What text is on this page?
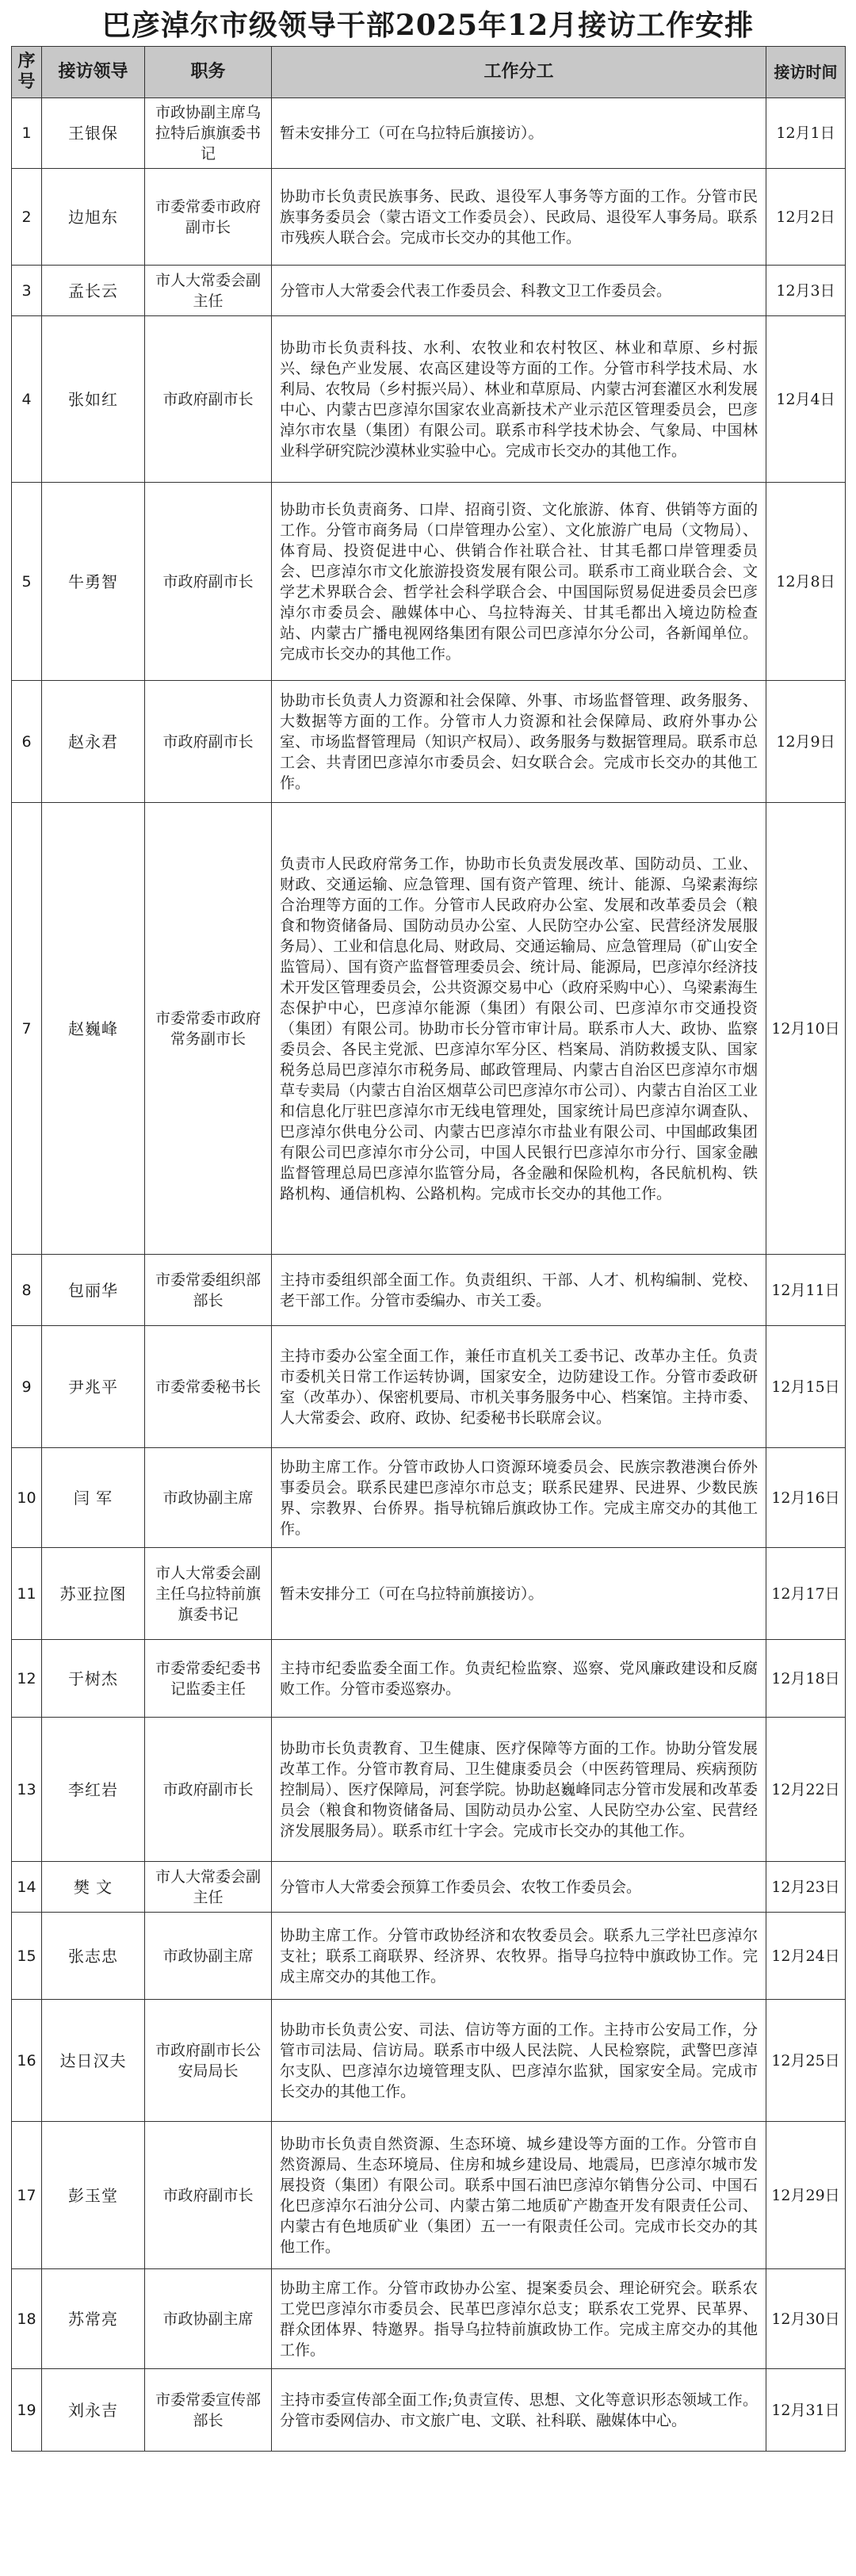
巴彦淖尔 市级 领导干部2025年12月接访工作安排
序号	接访领导	职务	工作分工	接访时间
1	王银保	市政协副主席乌拉特后旗旗委书记	暂未安排分工（可在乌拉特后旗接访）。	12月1日
2	边旭东	市委常委市政府副市长	协助市长负责民族事务、民政、退役军人事务等方面的工作。分管市民族事务委员会（蒙古语文工作委员会）、民政局、退役军人事务局。联系市残疾人联合会。完成市长交办的其他工作。	12月2日
3	孟长云	市人大常委会副主任	分管市人大常委会代表工作委员会、科教文卫工作委员会。	12月3日
4	张如红	市政府副市长	协助市长负责科技、水利、农牧业和农村牧区、林业和草原、乡村振兴、绿色产业发展、农高区建设等方面的工作。分管市科学技术局、水利局、农牧局（乡村振兴局）、林业和草原局、内蒙古河套灌区水利发展中心、内蒙古巴彦淖尔国家农业高新技术产业示范区管理委员会，巴彦淖尔市农垦（集团）有限公司。联系市科学技术协会、气象局、中国林业科学研究院沙漠林业实验中心。完成市长交办的其他工作。	12月4日
5	牛勇智	市政府副市长	协助市长负责商务、口岸、招商引资、文化旅游、体育、供销等方面的工作。分管市商务局（口岸管理办公室）、文化旅游广电局（文物局）、体育局、投资促进中心、供销合作社联合社、甘其毛都口岸管理委员会、巴彦淖尔市文化旅游投资发展有限公司。联系市工商业联合会、文学艺术界联合会、哲学社会科学联合会、中国国际贸易促进委员会巴彦淖尔市委员会、融媒体中心、乌拉特海关、甘其毛都出入境边防检查站、内蒙古广播电视网络集团有限公司巴彦淖尔分公司，各新闻单位。完成市长交办的其他工作。	12月8日
6	赵永君	市政府副市长	协助市长负责人力资源和社会保障、外事、市场监督管理、政务服务、大数据等方面的工作。分管市人力资源和社会保障局、政府外事办公室、市场监督管理局（知识产权局）、政务服务与数据管理局。联系市总工会、共青团巴彦淖尔市委员会、妇女联合会。完成市长交办的其他工作。	12月9日
7	赵巍峰	市委常委市政府常务副市长	负责市人民政府常务工作，协助市长负责发展改革、国防动员、工业、财政、交通运输、应急管理、国有资产管理、统计、能源、乌梁素海综合治理等方面的工作。分管市人民政府办公室、发展和改革委员会（粮食和物资储备局、国防动员办公室、人民防空办公室、民营经济发展服务局）、工业和信息化局、财政局、交通运输局、应急管理局（矿山安全监管局）、国有资产监督管理委员会、统计局、能源局，巴彦淖尔经济技术开发区管理委员会，公共资源交易中心（政府采购中心）、乌梁素海生态保护中心，巴彦淖尔能源（集团）有限公司、巴彦淖尔市交通投资（集团）有限公司。协助市长分管市审计局。联系市人大、政协、监察委员会、各民主党派、巴彦淖尔军分区、档案局、消防救援支队、国家税务总局巴彦淖尔市税务局、邮政管理局、内蒙古自治区巴彦淖尔市烟草专卖局（内蒙古自治区烟草公司巴彦淖尔市公司）、内蒙古自治区工业和信息化厅驻巴彦淖尔市无线电管理处，国家统计局巴彦淖尔调查队、巴彦淖尔供电分公司、内蒙古巴彦淖尔市盐业有限公司、中国邮政集团有限公司巴彦淖尔市分公司，中国人民银行巴彦淖尔市分行、国家金融监督管理总局巴彦淖尔监管分局，各金融和保险机构，各民航机构、铁路机构、通信机构、公路机构。完成市长交办的其他工作。	12月10日
8	包丽华	市委常委组织部部长	主持市委组织部全面工作。负责组织、干部、人才、机构编制、党校、老干部工作。分管市委编办、市关工委。	12月11日
9	尹兆平	市委常委秘书长	主持市委办公室全面工作，兼任市直机关工委书记、改革办主任。负责市委机关日常工作运转协调，国家安全，边防建设工作。分管市委政研室（改革办）、保密机要局、市机关事务服务中心、档案馆。主持市委、人大常委会、政府、政协、纪委秘书长联席会议。	12月15日
10	闫 军	市政协副主席	协助主席工作。分管市政协人口资源环境委员会、民族宗教港澳台侨外事委员会。联系民建巴彦淖尔市总支；联系民建界、民进界、少数民族界、宗教界、台侨界。指导杭锦后旗政协工作。完成主席交办的其他工作。	12月16日
11	苏亚拉图	市人大常委会副主任乌拉特前旗旗委书记	暂未安排分工（可在乌拉特前旗接访）。	12月17日
12	于树杰	市委常委纪委书记监委主任	主持市纪委监委全面工作。负责纪检监察、巡察、党风廉政建设和反腐败工作。分管市委巡察办。	12月18日
13	李红岩	市政府副市长	协助市长负责教育、卫生健康、医疗保障等方面的工作。协助分管发展改革工作。分管市教育局、卫生健康委员会（中医药管理局、疾病预防控制局）、医疗保障局，河套学院。协助赵巍峰同志分管市发展和改革委员会（粮食和物资储备局、国防动员办公室、人民防空办公室、民营经济发展服务局）。联系市红十字会。完成市长交办的其他工作。	12月22日
14	樊 文	市人大常委会副主任	分管市人大常委会预算工作委员会、农牧工作委员会。	12月23日
15	张志忠	市政协副主席	协助主席工作。分管市政协经济和农牧委员会。联系九三学社巴彦淖尔支社；联系工商联界、经济界、农牧界。指导乌拉特中旗政协工作。完成主席交办的其他工作。	12月24日
16	达日汉夫	市政府副市长公安局局长	协助市长负责公安、司法、信访等方面的工作。主持市公安局工作，分管市司法局、信访局。联系市中级人民法院、人民检察院，武警巴彦淖尔支队、巴彦淖尔边境管理支队、巴彦淖尔监狱，国家安全局。完成市长交办的其他工作。	12月25日
17	彭玉堂	市政府副市长	协助市长负责自然资源、生态环境、城乡建设等方面的工作。分管市自然资源局、生态环境局、住房和城乡建设局、地震局，巴彦淖尔城市发展投资（集团）有限公司。联系中国石油巴彦淖尔销售分公司、中国石化巴彦淖尔石油分公司、内蒙古第二地质矿产勘查开发有限责任公司、内蒙古有色地质矿业（集团）五一一有限责任公司。完成市长交办的其他工作。	12月29日
18	苏常亮	市政协副主席	协助主席工作。分管市政协办公室、提案委员会、理论研究会。联系农工党巴彦淖尔市委员会、民革巴彦淖尔总支；联系农工党界、民革界、群众团体界、特邀界。指导乌拉特前旗政协工作。完成主席交办的其他工作。	12月30日
19	刘永吉	市委常委宣传部部长	主持市委宣传部全面工作;负责宣传、思想、文化等意识形态领域工作。分管市委网信办、市文旅广电、文联、社科联、融媒体中心。	12月31日
